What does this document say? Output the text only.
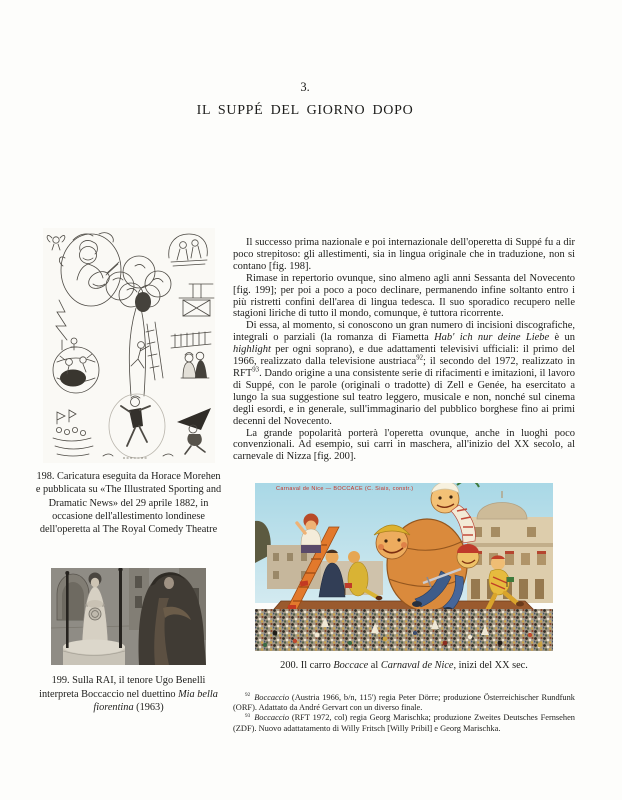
3.
IL SUPPÉ DEL GIORNO DOPO
198. Caricatura eseguita da Horace Morehen e pubblicata su «The Illustrated Sporting and Dramatic News» del 29 aprile 1882, in occasione dell'allestimento londinese dell'operetta al The Royal Comedy Theatre
199. Sulla RAI, il tenore Ugo Benelli interpreta Boccaccio nel duettino Mia bella fiorentina (1963)

Il successo prima nazionale e poi internazionale dell'operetta di Suppé fu a dir poco strepitoso: gli allestimenti, sia in lingua originale che in traduzione, non si contano [fig. 198].

Rimase in repertorio ovunque, sino almeno agli anni Sessanta del Novecento [fig. 199]; per poi a poco a poco declinare, permanendo infine soltanto entro i più ristretti confini dell'area di lingua tedesca. Il suo sporadico recupero nelle stagioni liriche di tutto il mondo, comunque, è tuttora ricorrente.

Di essa, al momento, si conoscono un gran numero di incisioni discografiche, integrali o parziali (la romanza di Fiametta Hab' ich nur deine Liebe è un highlight per ogni soprano), e due adattamenti televisivi ufficiali: il primo del 1966, realizzato dalla televisione austriaca$^{92}$; il secondo del 1972, realizzato in RFT$^{93}$. Dando origine a una consistente serie di rifacimenti e imitazioni, il lavoro di Suppé, con le parole (originali o tradotte) di Zell e Genée, ha esercitato a lungo la sua suggestione sul teatro leggero, musicale e non, nonché sul cinema degli esordi, e in generale, sull'immaginario del pubblico borghese fino ai primi decenni del Novecento.

La grande popolarità porterà l'operetta ovunque, anche in luoghi poco convenzionali. Ad esempio, sui carri in maschera, all'inizio del XX secolo, al carnevale di Nizza [fig. 200].

Carnaval de Nice — BOCCACE (C. Siais, constr.)
200. Il carro Boccace al Carnaval de Nice, inizi del XX sec.

$^{92}$ Boccaccio (Austria 1966, b/n, 115') regia Peter Dörre; produzione Österreichischer Rundfunk (ORF). Adattato da André Gervart con un diverso finale.

$^{93}$ Boccaccio (RFT 1972, col) regia Georg Marischka; produzione Zweites Deutsches Fernsehen (ZDF). Nuovo adattatamento di Willy Fritsch [Willy Pribil] e Georg Marischka.
